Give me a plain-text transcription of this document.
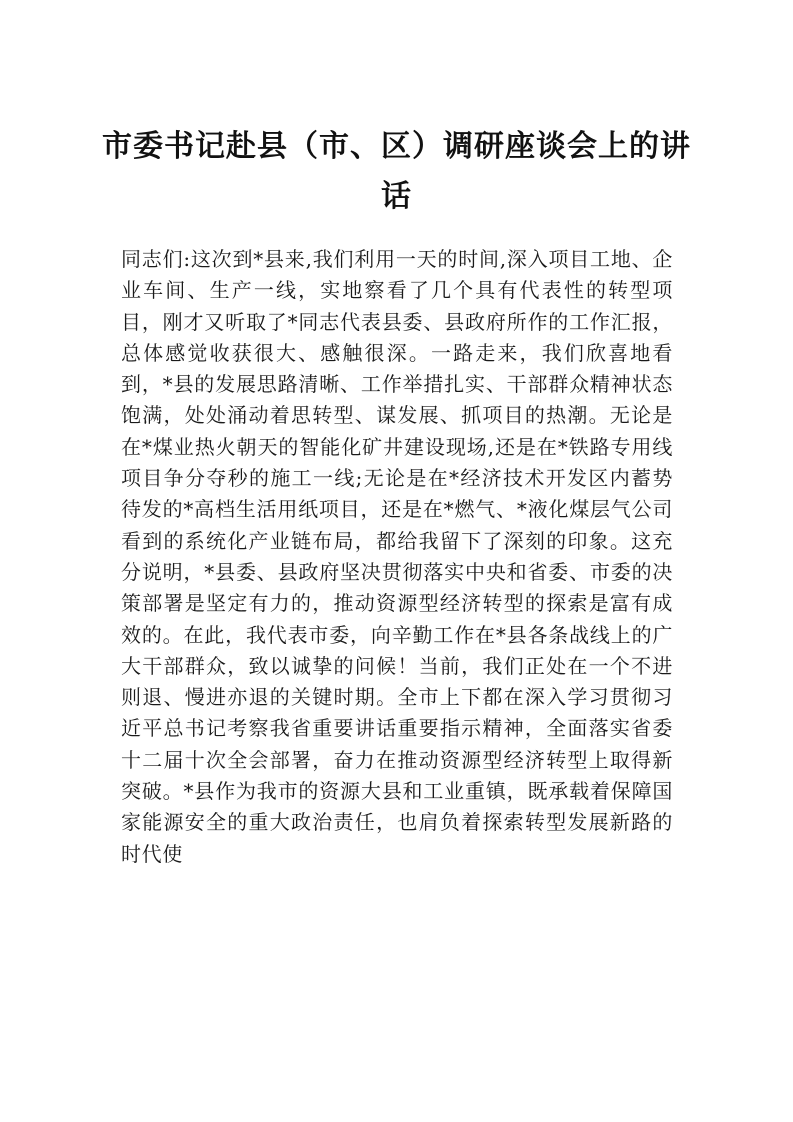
市委书记赴县（市、区）调研座谈会上的讲话

同志们:这次到*县来,我们利用一天的时间,深入项目工地、企业车间、生产一线，实地察看了几个具有代表性的转型项目，刚才又听取了*同志代表县委、县政府所作的工作汇报，总体感觉收获很大、感触很深。一路走来，我们欣喜地看到，*县的发展思路清晰、工作举措扎实、干部群众精神状态饱满，处处涌动着思转型、谋发展、抓项目的热潮。无论是在*煤业热火朝天的智能化矿井建设现场,还是在*铁路专用线项目争分夺秒的施工一线;无论是在*经济技术开发区内蓄势待发的*高档生活用纸项目，还是在*燃气、*液化煤层气公司看到的系统化产业链布局，都给我留下了深刻的印象。这充分说明，*县委、县政府坚决贯彻落实中央和省委、市委的决策部署是坚定有力的，推动资源型经济转型的探索是富有成效的。在此，我代表市委，向辛勤工作在*县各条战线上的广大干部群众，致以诚挚的问候！当前，我们正处在一个不进则退、慢进亦退的关键时期。全市上下都在深入学习贯彻习近平总书记考察我省重要讲话重要指示精神，全面落实省委十二届十次全会部署，奋力在推动资源型经济转型上取得新突破。*县作为我市的资源大县和工业重镇，既承载着保障国家能源安全的重大政治责任，也肩负着探索转型发展新路的时代使
